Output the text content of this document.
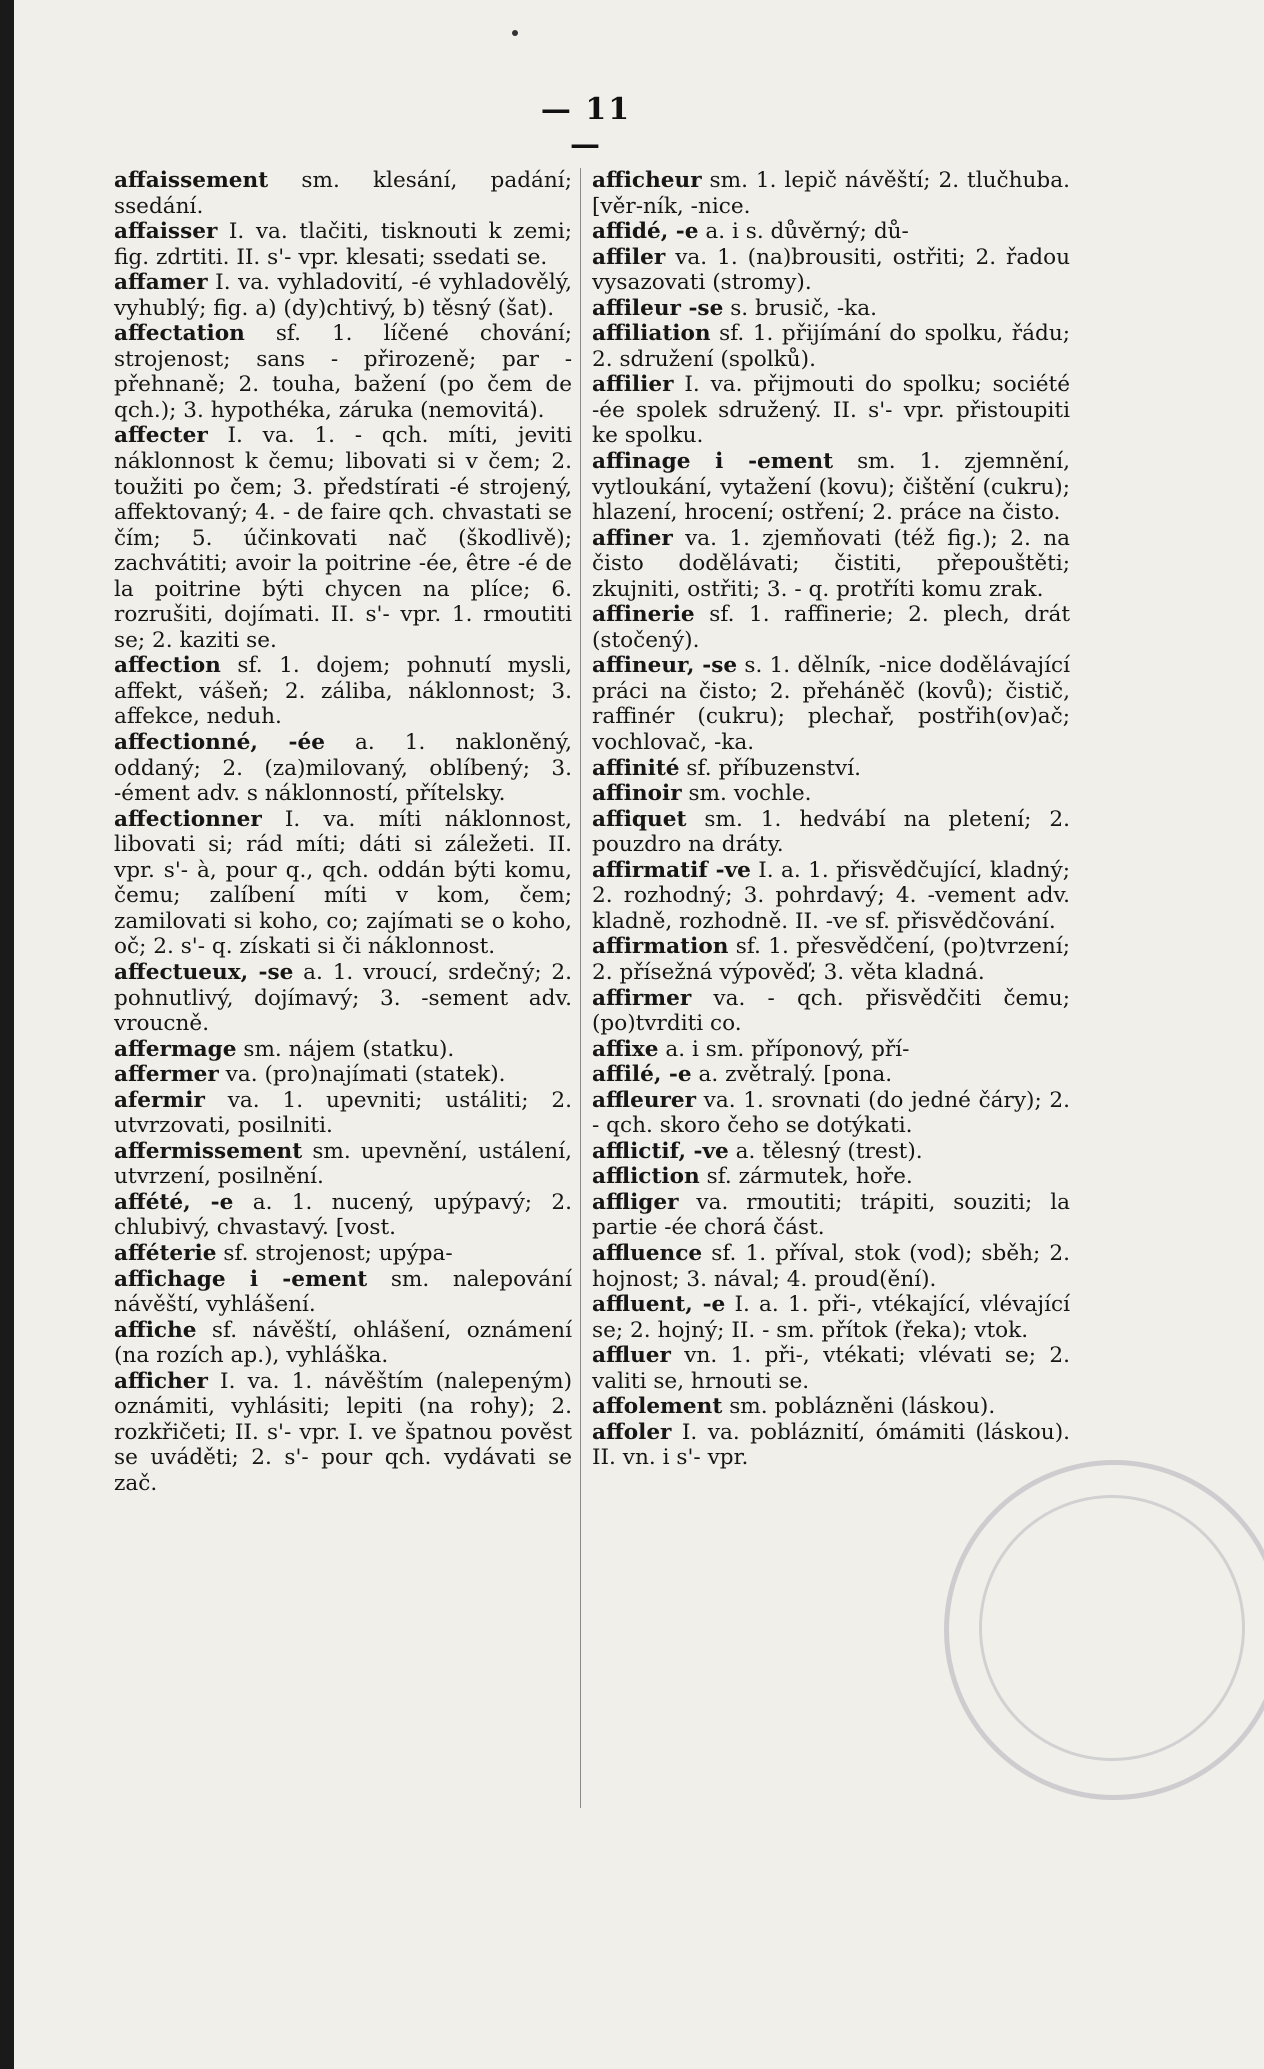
— 11 —

affaissement sm. klesání, padání; ssedání.

affaisser I. va. tlačiti, tisknouti k zemi; fig. zdrtiti. II. s'- vpr. klesati; ssedati se.

affamer I. va. vyhladovití, -é vyhladovělý, vyhublý; fig. a) (dy)chtivý, b) těsný (šat).

affectation sf. 1. líčené chování; strojenost; sans - přirozeně; par - přehnaně; 2. touha, bažení (po čem de qch.); 3. hypothéka, záruka (nemovitá).

affecter I. va. 1. - qch. míti, jeviti náklonnost k čemu; libovati si v čem; 2. toužiti po čem; 3. předstírati -é strojený, affektovaný; 4. - de faire qch. chvastati se čím; 5. účinkovati nač (škodlivě); zachvátiti; avoir la poitrine -ée, être -é de la poitrine býti chycen na plíce; 6. rozrušiti, dojímati. II. s'- vpr. 1. rmoutiti se; 2. kaziti se.

affection sf. 1. dojem; pohnutí mysli, affekt, vášeň; 2. záliba, náklonnost; 3. affekce, neduh.

affectionné, -ée a. 1. nakloněný, oddaný; 2. (za)milovaný, oblíbený; 3. -ément adv. s náklonností, přítelsky.

affectionner I. va. míti náklonnost, libovati si; rád míti; dáti si záležeti. II. vpr. s'- à, pour q., qch. oddán býti komu, čemu; zalíbení míti v kom, čem; zamilovati si koho, co; zajímati se o koho, oč; 2. s'- q. získati si či náklonnost.

affectueux, -se a. 1. vroucí, srdečný; 2. pohnutlivý, dojímavý; 3. -sement adv. vroucně.

affermage sm. nájem (statku).

affermer va. (pro)najímati (statek).

afermir va. 1. upevniti; ustáliti; 2. utvrzovati, posilniti.

affermissement sm. upevnění, ustálení, utvrzení, posilnění.

affété, -e a. 1. nucený, upýpavý; 2. chlubivý, chvastavý. [vost.

afféterie sf. strojenost; upýpa-

affichage i -ement sm. nalepování návěští, vyhlášení.

affiche sf. návěští, ohlášení, oznámení (na rozích ap.), vyhláška.

afficher I. va. 1. návěštím (nalepeným) oznámiti, vyhlásiti; lepiti (na rohy); 2. rozkřičeti; II. s'- vpr. I. ve špatnou pověst se uváděti; 2. s'- pour qch. vydávati se zač.

afficheur sm. 1. lepič návěští; 2. tlučhuba. [věr-ník, -nice.

affidé, -e a. i s. důvěrný; dů-

affiler va. 1. (na)brousiti, ostřiti; 2. řadou vysazovati (stromy).

affileur -se s. brusič, -ka.

affiliation sf. 1. přijímání do spolku, řádu; 2. sdružení (spolků).

affilier I. va. přijmouti do spolku; société -ée spolek sdružený. II. s'- vpr. přistoupiti ke spolku.

affinage i -ement sm. 1. zjemnění, vytloukání, vytažení (kovu); čištění (cukru); hlazení, hrocení; ostření; 2. práce na čisto.

affiner va. 1. zjemňovati (též fig.); 2. na čisto dodělávati; čistiti, přepouštěti; zkujniti, ostřiti; 3. - q. protříti komu zrak.

affinerie sf. 1. raffinerie; 2. plech, drát (stočený).

affineur, -se s. 1. dělník, -nice dodělávající práci na čisto; 2. přeháněč (kovů); čistič, raffinér (cukru); plechař, postřih(ov)ač; vochlovač, -ka.

affinité sf. příbuzenství.

affinoir sm. vochle.

affiquet sm. 1. hedvábí na pletení; 2. pouzdro na dráty.

affirmatif -ve I. a. 1. přisvědčující, kladný; 2. rozhodný; 3. pohrdavý; 4. -vement adv. kladně, rozhodně. II. -ve sf. přisvědčování.

affirmation sf. 1. přesvědčení, (po)tvrzení; 2. přísežná výpověď; 3. věta kladná.

affirmer va. - qch. přisvědčiti čemu; (po)tvrditi co.

affixe a. i sm. příponový, pří-

affilé, -e a. zvětralý. [pona.

affleurer va. 1. srovnati (do jedné čáry); 2. - qch. skoro čeho se dotýkati.

afflictif, -ve a. tělesný (trest).

affliction sf. zármutek, hoře.

affliger va. rmoutiti; trápiti, souziti; la partie -ée chorá část.

affluence sf. 1. příval, stok (vod); sběh; 2. hojnost; 3. nával; 4. proud(ění).

affluent, -e I. a. 1. při-, vtékající, vlévající se; 2. hojný; II. - sm. přítok (řeka); vtok.

affluer vn. 1. při-, vtékati; vlévati se; 2. valiti se, hrnouti se.

affolement sm. poblázněni (láskou).

affoler I. va. pobláznití, ómámiti (láskou). II. vn. i s'- vpr.
